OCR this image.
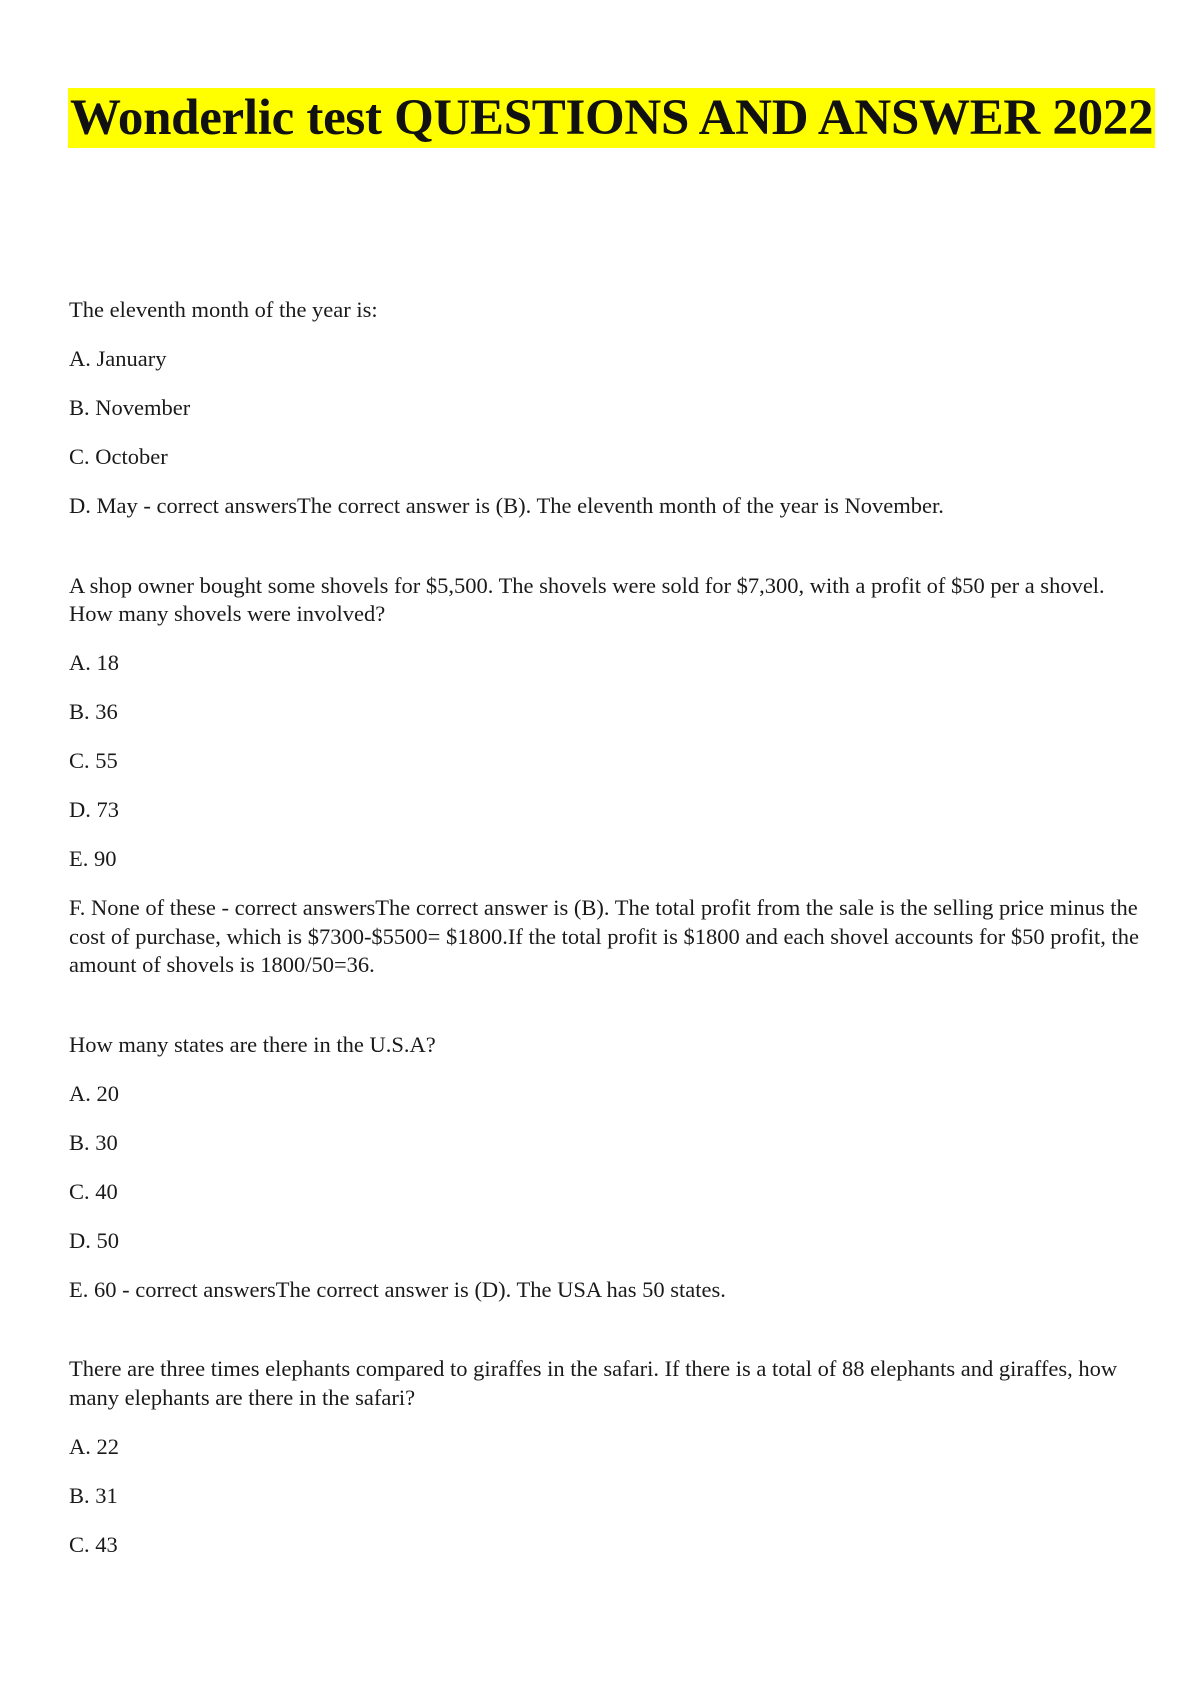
Wonderlic test QUESTIONS AND ANSWER 2022

The eleventh month of the year is:

A. January

B. November

C. October

D. May - correct answersThe correct answer is (B). The eleventh month of the year is November.

A shop owner bought some shovels for $5,500. The shovels were sold for $7,300, with a profit of $50 per a shovel. How many shovels were involved?

A. 18

B. 36

C. 55

D. 73

E. 90

F. None of these - correct answersThe correct answer is (B). The total profit from the sale is the selling price minus the cost of purchase, which is $7300-$5500= $1800.If the total profit is $1800 and each shovel accounts for $50 profit, the amount of shovels is 1800/50=36.

How many states are there in the U.S.A?

A. 20

B. 30

C. 40

D. 50

E. 60 - correct answersThe correct answer is (D). The USA has 50 states.

There are three times elephants compared to giraffes in the safari. If there is a total of 88 elephants and giraffes, how many elephants are there in the safari?

A. 22

B. 31

C. 43
